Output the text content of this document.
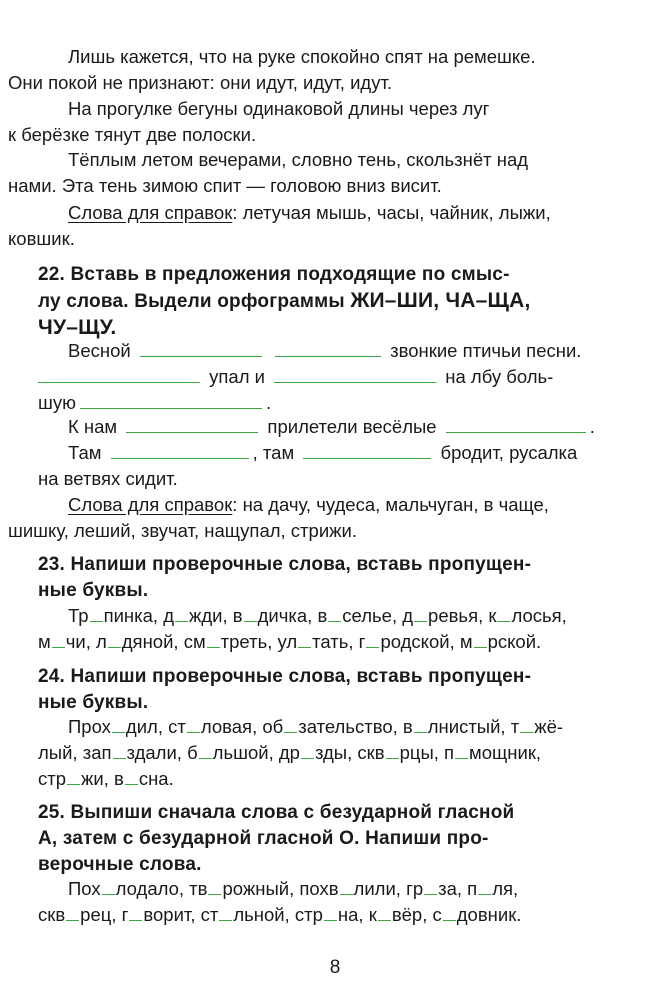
Лишь кажется, что на руке спокойно спят на ремешке.
Они покой не признают: они идут, идут, идут.

На прогулке бегуны одинаковой длины через луг
к берёзке тянут две полоски.

Тёплым летом вечерами, словно тень, скользнёт над
нами. Эта тень зимою спит — головою вниз висит.

Слова для справок: летучая мышь, часы, чайник, лыжи,
ковшик.

22. Вставь в предложения подходящие по смыс-
лу слова. Выдели орфограммы ЖИ–ШИ, ЧА–ЩА,
ЧУ–ЩУ.

Весной	звонкие птичьи песни.

упал и	на лбу боль-
шую	.

К нам	прилетели весёлые	.

Там	, там	бродит, русалка
на ветвях сидит.

Слова для справок: на дачу, чудеса, мальчуган, в чаще,
шишку, леший, звучат, нащупал, стрижи.

23. Напиши проверочные слова, вставь пропущен-
ные буквы.

Тр пинка, д жди, в дичка, в селье, д ревья, к лосья,
м чи, л дяной, см треть, ул тать, г родской, м рской.

24. Напиши проверочные слова, вставь пропущен-
ные буквы.

Прох дил, ст ловая, об зательство, в лнистый, т жё-
лый, зап здали, б льшой, др зды, скв рцы, п мощник,
стр жи, в сна.

25. Выпиши сначала слова с безударной гласной
А, затем с безударной гласной О. Напиши про-
верочные слова.

Пох лодало, тв рожный, похв лили, гр за, п ля,
скв рец, г ворит, ст льной, стр на, к вёр, с довник.

8
